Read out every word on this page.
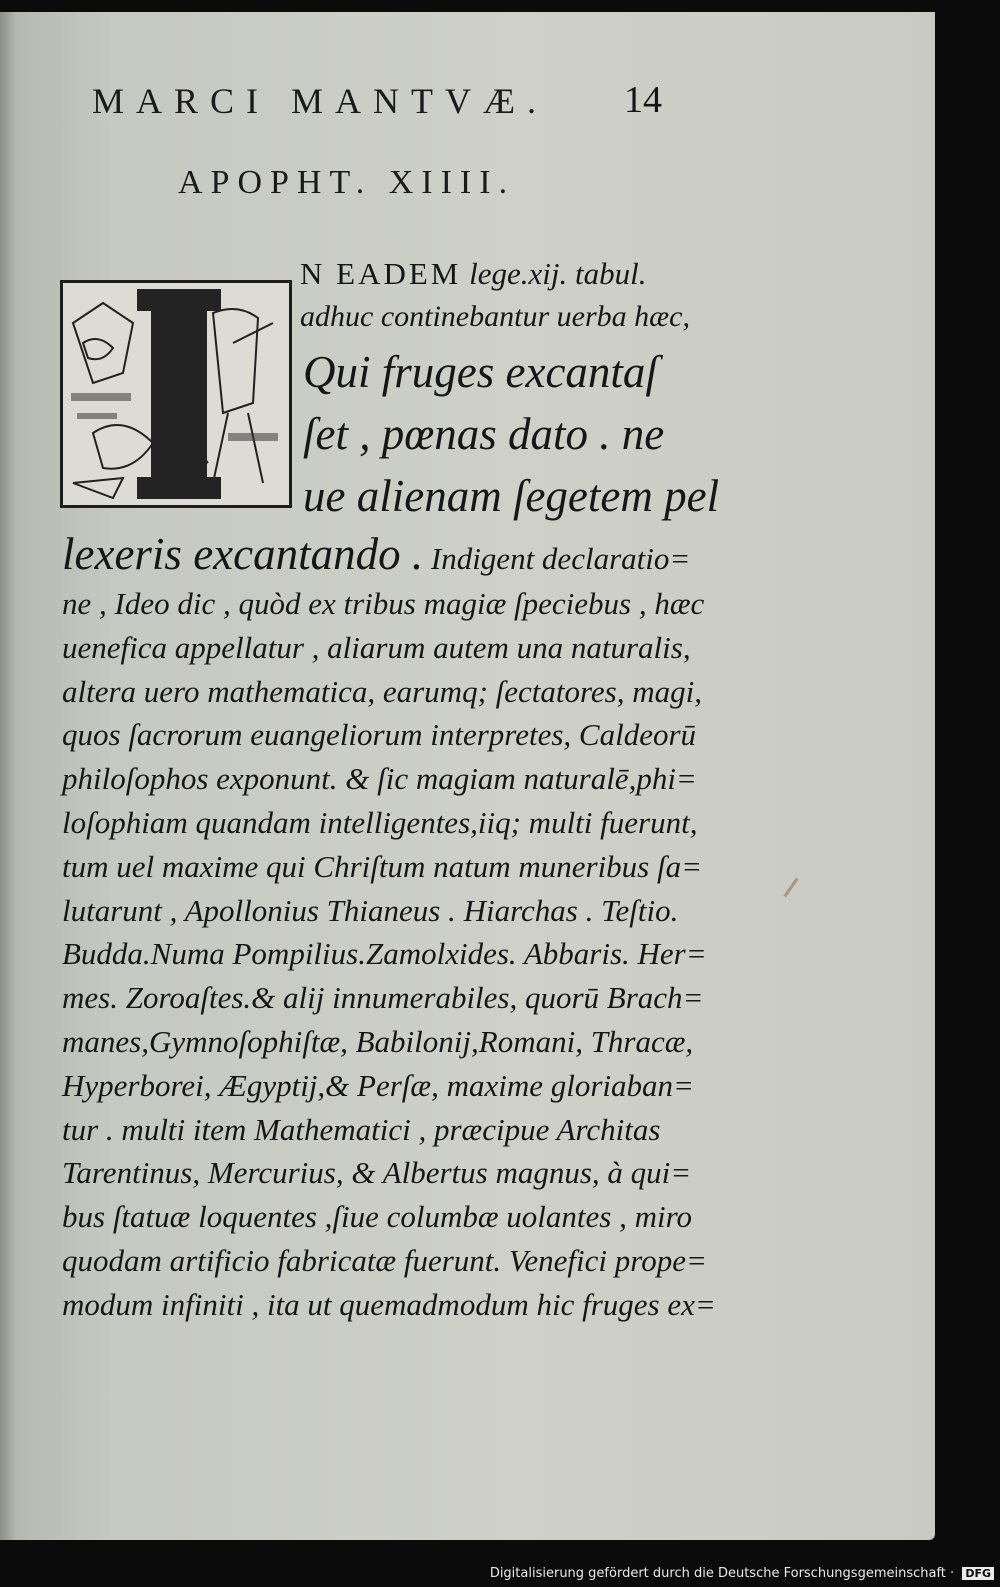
MARCI MANTVÆ.	14
APOPHT. XIIII.
N EADEM lege.xij. tabul.
adhuc continebantur uerba hæc,
Qui fruges excantaſ
ſet , pœnas dato . ne
ue alienam ſegetem pel
lexeris excantando . Indigent declaratio=
ne , Ideo dic , quòd ex tribus magiæ ſpeciebus , hæc
uenefica appellatur , aliarum autem una naturalis,
altera uero mathematica, earumq; ſectatores, magi,
quos ſacrorum euangeliorum interpretes, Caldeorū
philoſophos exponunt. & ſic magiam naturalē,phi=
loſophiam quandam intelligentes,iiq; multi fuerunt,
tum uel maxime qui Chriſtum natum muneribus ſa=
lutarunt , Apollonius Thianeus . Hiarchas . Teſtio.
Budda.Numa Pompilius.Zamolxides. Abbaris. Her=
mes. Zoroaſtes.& alij innumerabiles, quorū Brach=
manes,Gymnoſophiſtæ, Babilonij,Romani, Thracæ,
Hyperborei, Ægyptij,& Perſæ, maxime gloriaban=
tur . multi item Mathematici , præcipue Architas
Tarentinus, Mercurius, & Albertus magnus, à qui=
bus ſtatuæ loquentes ,ſiue columbæ uolantes , miro
quodam artificio fabricatæ fuerunt. Venefici prope=
modum infiniti , ita ut quemadmodum hic fruges ex=
Digitalisierung gefördert durch die Deutsche Forschungsgemeinschaft · DFG
